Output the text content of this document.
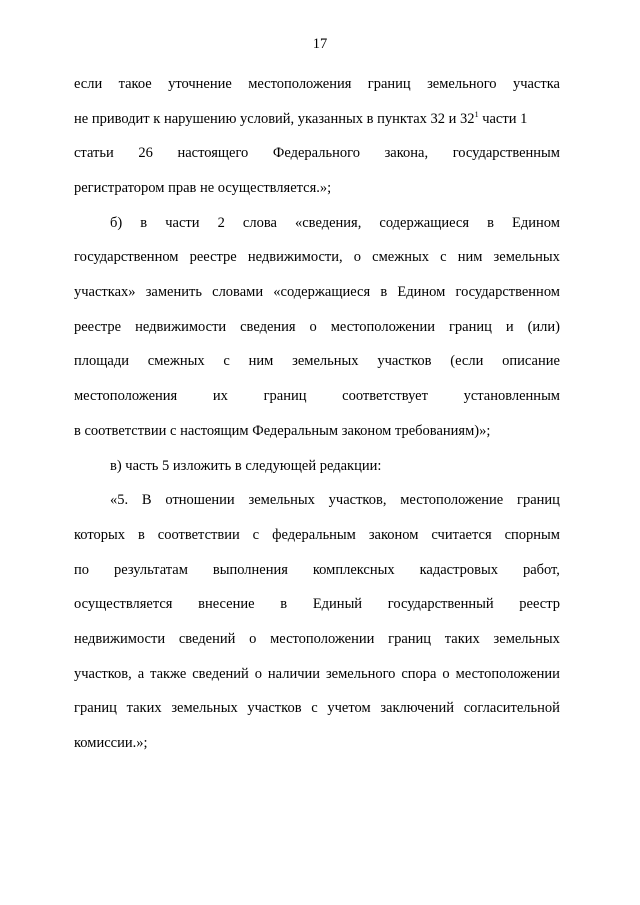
17
если такое уточнение местоположения границ земельного участка
не приводит к нарушению условий, указанных в пунктах 32 и $32^1$ части 1
статьи 26 настоящего Федерального закона, государственным
регистратором прав не осуществляется.»;
б) в части 2 слова «сведения, содержащиеся в Едином
государственном реестре недвижимости, о смежных с ним земельных
участках» заменить словами «содержащиеся в Едином государственном
реестре недвижимости сведения о местоположении границ и (или)
площади смежных с ним земельных участков (если описание
местоположения их границ соответствует установленным
в соответствии с настоящим Федеральным законом требованиям)»;
в) часть 5 изложить в следующей редакции:
«5. В отношении земельных участков, местоположение границ
которых в соответствии с федеральным законом считается спорным
по результатам выполнения комплексных кадастровых работ,
осуществляется внесение в Единый государственный реестр
недвижимости сведений о местоположении границ таких земельных
участков, а также сведений о наличии земельного спора о местоположении
границ таких земельных участков с учетом заключений согласительной
комиссии.»;
